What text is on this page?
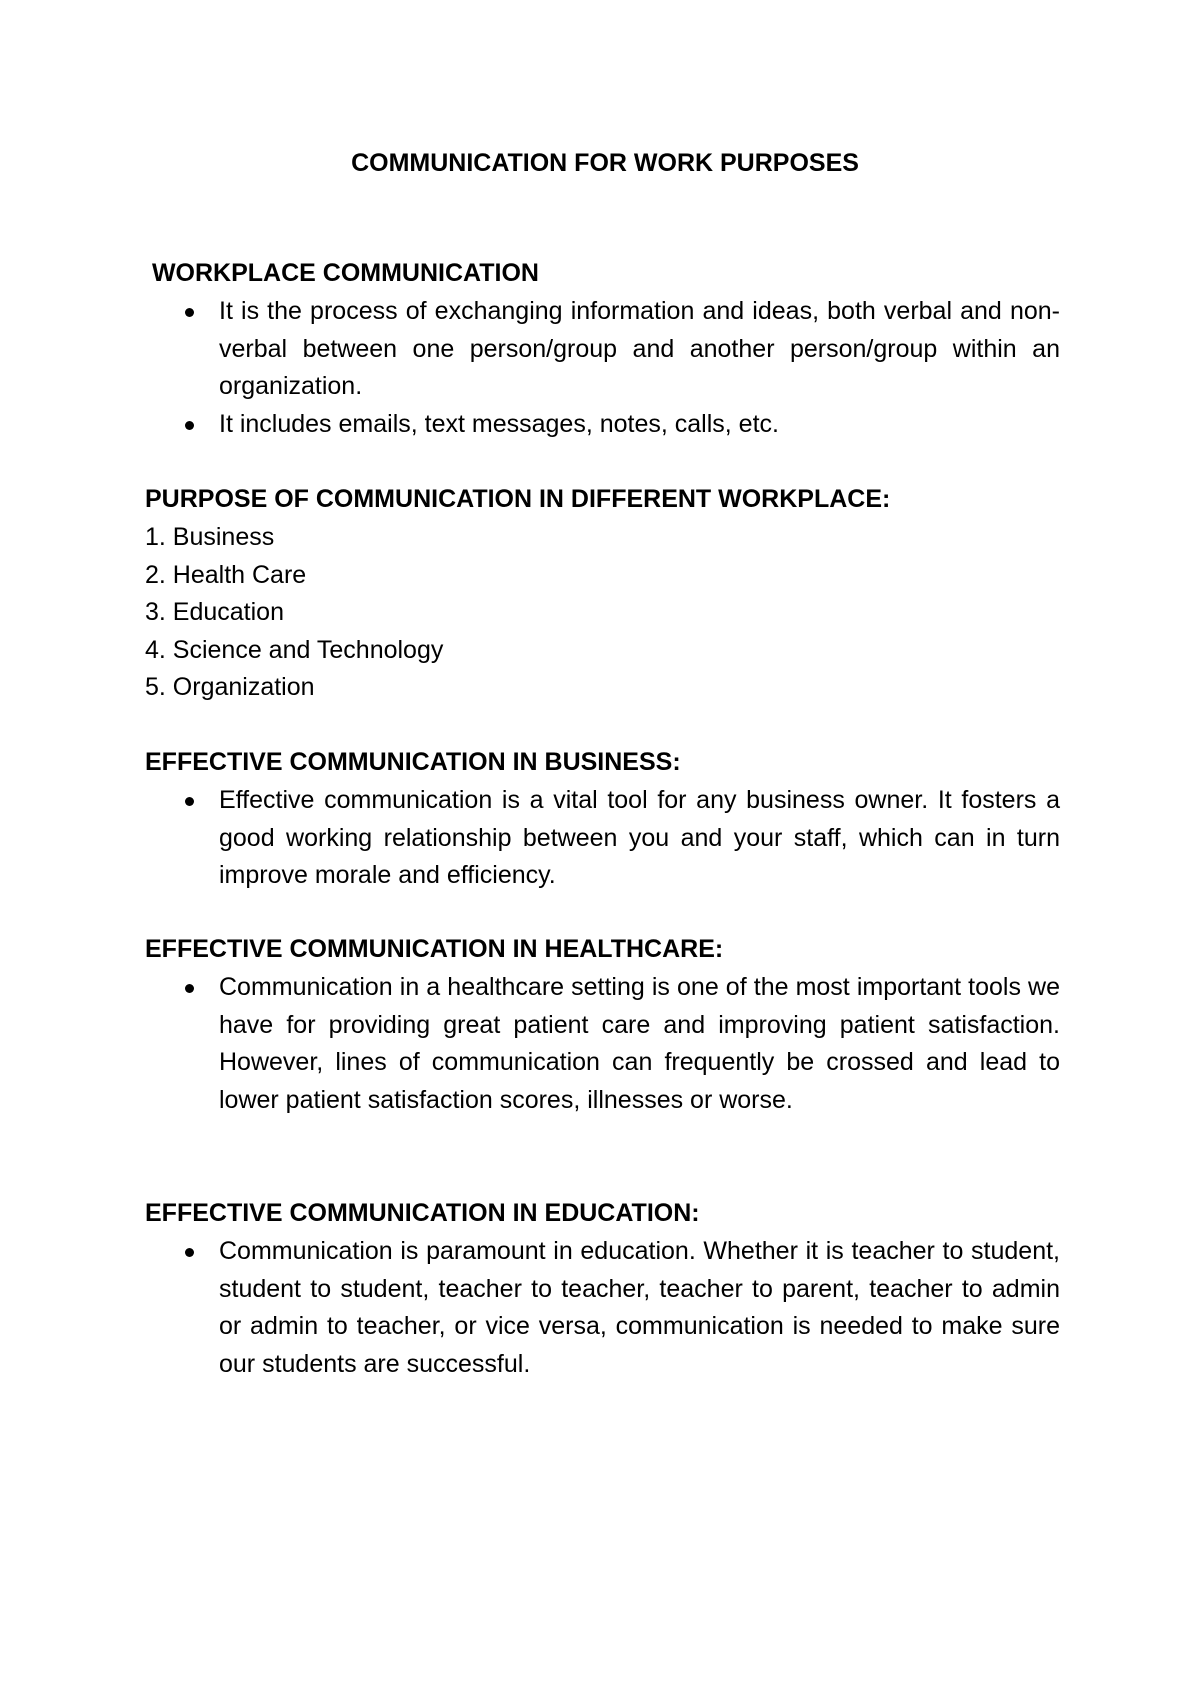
COMMUNICATION FOR WORK PURPOSES
WORKPLACE COMMUNICATION
It is the process of exchanging information and ideas, both verbal and non-verbal between one person/group and another person/group within an organization.
It includes emails, text messages, notes, calls, etc.
PURPOSE OF COMMUNICATION IN DIFFERENT WORKPLACE:
1. Business
2. Health Care
3. Education
4. Science and Technology
5. Organization
EFFECTIVE COMMUNICATION IN BUSINESS:
Effective communication is a vital tool for any business owner. It fosters a good working relationship between you and your staff, which can in turn improve morale and efficiency.
EFFECTIVE COMMUNICATION IN HEALTHCARE:
Communication in a healthcare setting is one of the most important tools we have for providing great patient care and improving patient satisfaction. However, lines of communication can frequently be crossed and lead to lower patient satisfaction scores, illnesses or worse.
EFFECTIVE COMMUNICATION IN EDUCATION:
Communication is paramount in education. Whether it is teacher to student, student to student, teacher to teacher, teacher to parent, teacher to admin or admin to teacher, or vice versa, communication is needed to make sure our students are successful.
